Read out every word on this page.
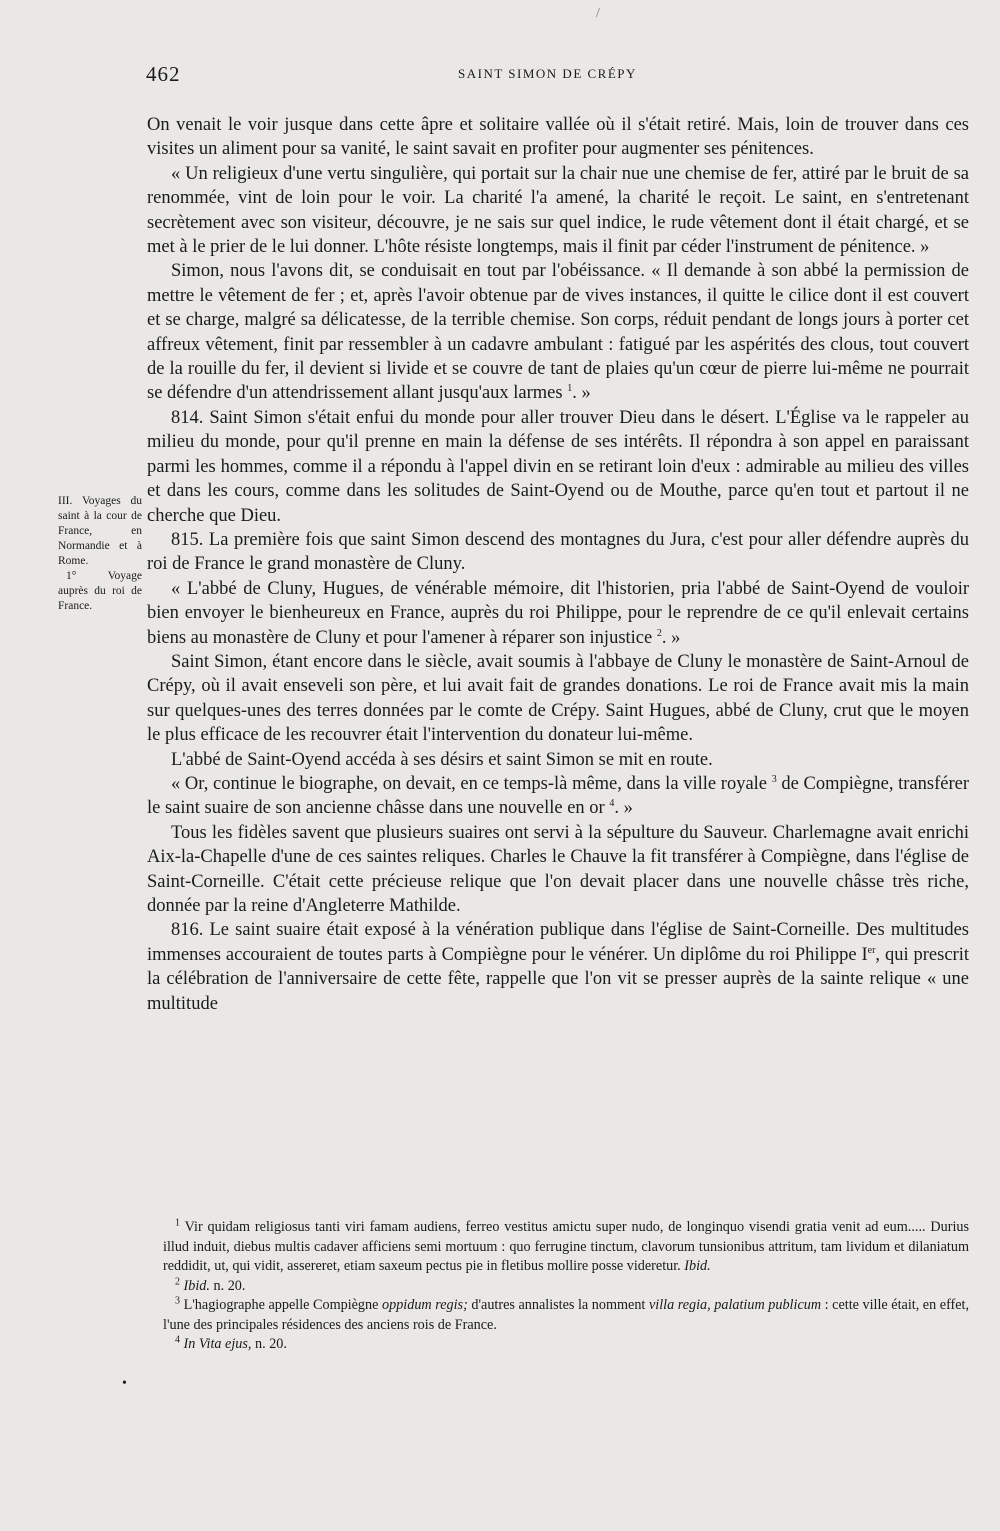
/
462	SAINT SIMON DE CRÉPY
III. Voyages du saint à la cour de France, en Normandie et à Rome.
1° Voyage auprès du roi de France.

On venait le voir jusque dans cette âpre et solitaire vallée où il s'était retiré. Mais, loin de trouver dans ces visites un aliment pour sa vanité, le saint savait en profiter pour augmenter ses pénitences.

« Un religieux d'une vertu singulière, qui portait sur la chair nue une chemise de fer, attiré par le bruit de sa renommée, vint de loin pour le voir. La charité l'a amené, la charité le reçoit. Le saint, en s'entretenant secrètement avec son visiteur, découvre, je ne sais sur quel indice, le rude vêtement dont il était chargé, et se met à le prier de le lui donner. L'hôte résiste longtemps, mais il finit par céder l'instrument de pénitence. »

Simon, nous l'avons dit, se conduisait en tout par l'obéissance. « Il demande à son abbé la permission de mettre le vêtement de fer ; et, après l'avoir obtenue par de vives instances, il quitte le cilice dont il est couvert et se charge, malgré sa délicatesse, de la terrible chemise. Son corps, réduit pendant de longs jours à porter cet affreux vêtement, finit par ressembler à un cadavre ambulant : fatigué par les aspérités des clous, tout couvert de la rouille du fer, il devient si livide et se couvre de tant de plaies qu'un cœur de pierre lui-même ne pourrait se défendre d'un attendrissement allant jusqu'aux larmes $^1$. »

814. Saint Simon s'était enfui du monde pour aller trouver Dieu dans le désert. L'Église va le rappeler au milieu du monde, pour qu'il prenne en main la défense de ses intérêts. Il répondra à son appel en paraissant parmi les hommes, comme il a répondu à l'appel divin en se retirant loin d'eux : admirable au milieu des villes et dans les cours, comme dans les solitudes de Saint-Oyend ou de Mouthe, parce qu'en tout et partout il ne cherche que Dieu.

815. La première fois que saint Simon descend des montagnes du Jura, c'est pour aller défendre auprès du roi de France le grand monastère de Cluny.

« L'abbé de Cluny, Hugues, de vénérable mémoire, dit l'historien, pria l'abbé de Saint-Oyend de vouloir bien envoyer le bienheureux en France, auprès du roi Philippe, pour le reprendre de ce qu'il enlevait certains biens au monastère de Cluny et pour l'amener à réparer son injustice $^2$. »

Saint Simon, étant encore dans le siècle, avait soumis à l'abbaye de Cluny le monastère de Saint-Arnoul de Crépy, où il avait enseveli son père, et lui avait fait de grandes donations. Le roi de France avait mis la main sur quelques-unes des terres données par le comte de Crépy. Saint Hugues, abbé de Cluny, crut que le moyen le plus efficace de les recouvrer était l'intervention du donateur lui-même.

L'abbé de Saint-Oyend accéda à ses désirs et saint Simon se mit en route.

« Or, continue le biographe, on devait, en ce temps-là même, dans la ville royale $^3$ de Compiègne, transférer le saint suaire de son ancienne châsse dans une nouvelle en or $^4$. »

Tous les fidèles savent que plusieurs suaires ont servi à la sépulture du Sauveur. Charlemagne avait enrichi Aix-la-Chapelle d'une de ces saintes reliques. Charles le Chauve la fit transférer à Compiègne, dans l'église de Saint-Corneille. C'était cette précieuse relique que l'on devait placer dans une nouvelle châsse très riche, donnée par la reine d'Angleterre Mathilde.

816. Le saint suaire était exposé à la vénération publique dans l'église de Saint-Corneille. Des multitudes immenses accouraient de toutes parts à Compiègne pour le vénérer. Un diplôme du roi Philippe Ier, qui prescrit la célébration de l'anniversaire de cette fête, rappelle que l'on vit se presser auprès de la sainte relique « une multitude

$^1$ Vir quidam religiosus tanti viri famam audiens, ferreo vestitus amictu super nudo, de longinquo visendi gratia venit ad eum..... Durius illud induit, diebus multis cadaver afficiens semi mortuum : quo ferrugine tinctum, clavorum tunsionibus attritum, tam lividum et dilaniatum reddidit, ut, qui vidit, assereret, etiam saxeum pectus pie in fletibus mollire posse videretur. Ibid.

$^2$ Ibid. n. 20.

$^3$ L'hagiographe appelle Compiègne oppidum regis; d'autres annalistes la nomment villa regia, palatium publicum : cette ville était, en effet, l'une des principales résidences des anciens rois de France.

$^4$ In Vita ejus, n. 20.

•
